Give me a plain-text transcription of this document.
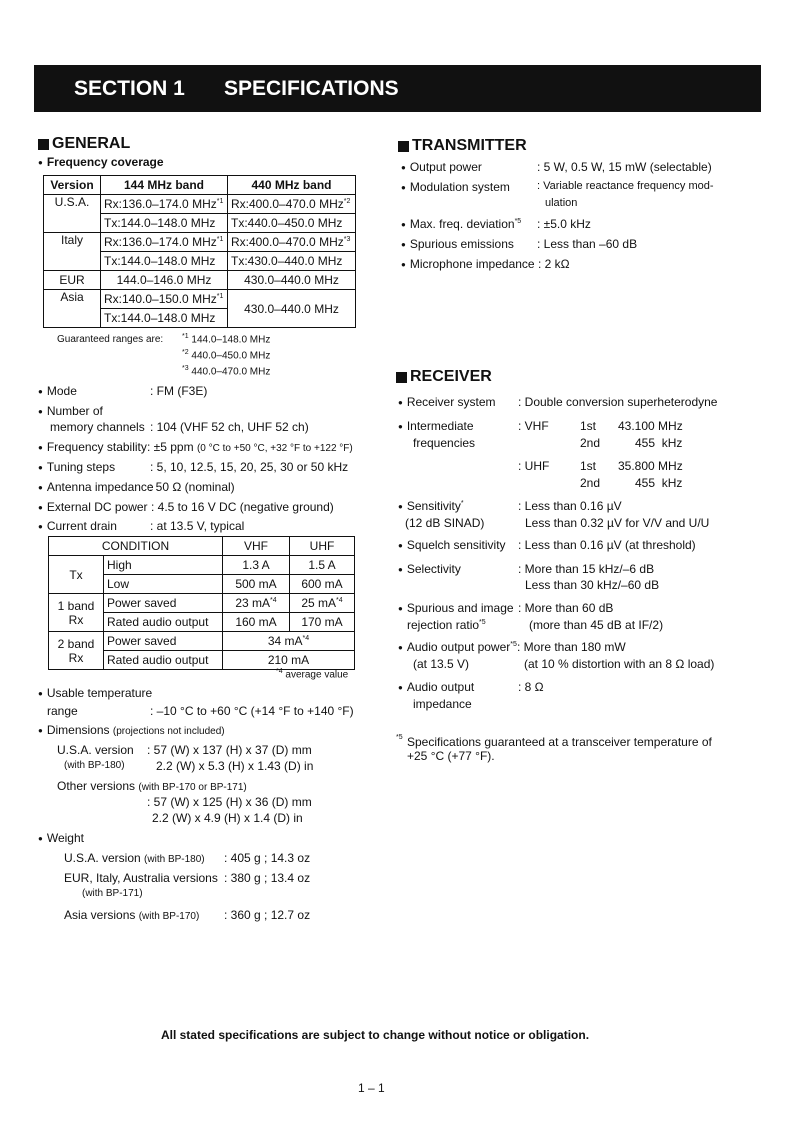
SECTION 1	SPECIFICATIONS
GENERAL
● Frequency coverage
Version	144 MHz band	440 MHz band
U.S.A.	Rx:136.0–174.0 MHz$^{*1}$	Rx:400.0–470.0 MHz$^{*2}$
	Tx:144.0–148.0 MHz	Tx:440.0–450.0 MHz
Italy	Rx:136.0–174.0 MHz$^{*1}$	Rx:400.0–470.0 MHz$^{*3}$
	Tx:144.0–148.0 MHz	Tx:430.0–440.0 MHz
EUR	144.0–146.0 MHz	430.0–440.0 MHz
Asia	Rx:140.0–150.0 MHz$^{*1}$	430.0–440.0 MHz
	Tx:144.0–148.0 MHz	
Guaranteed ranges are:	$^{*1}$ 144.0–148.0 MHz
$^{*2}$ 440.0–450.0 MHz
$^{*3}$ 440.0–470.0 MHz
● Mode	: FM (F3E)
● Number of
memory channels : 104 (VHF 52 ch, UHF 52 ch)
● Frequency stability : ±5 ppm (0 °C to +50 °C, +32 °F to +122 °F)
● Tuning steps	: 5, 10, 12.5, 15, 20, 25, 30 or 50 kHz
● Antenna impedance
: 50 Ω (nominal)
● External DC power : 4.5 to 16 V DC (negative ground)
● Current drain	: at 13.5 V, typical
CONDITION		VHF	UHF
Tx	High	1.3 A	1.5 A
	Low	500 mA	600 mA
1 band
Rx	Power saved	23 $mA^{*4}$	25 $mA^{*4}$
	Rated audio output	160 mA	170 mA
2 band
Rx	Power saved	34 $mA^{*4}$
	Rated audio output	210 mA	
$^{*4}$ average value
● Usable temperature
range	: –10 °C to +60 °C (+14 °F to +140 °F)
● Dimensions (projections not included)
U.S.A. version : 57 (W) x 137 (H) x 37 (D) mm
(with BP-180)	2.2 (W) x 5.3 (H) x 1.43 (D) in
Other versions (with BP-170 or BP-171)
: 57 (W) x 125 (H) x 36 (D) mm
2.2 (W) x 4.9 (H) x 1.4 (D) in
● Weight
U.S.A. version (with BP-180) : 405 g ; 14.3 oz
EUR, Italy, Australia versions : 380 g ; 13.4 oz
(with BP-171)
Asia versions (with BP-170) : 360 g ; 12.7 oz
TRANSMITTER
● Output power	: 5 W, 0.5 W, 15 mW (selectable)
● Modulation system : Variable reactance frequency mod-
ulation
● Max. freq. deviation$^{*5}$ : ±5.0 kHz
● Spurious emissions : Less than –60 dB
● Microphone impedance : 2 kΩ
RECEIVER
● Receiver system : Double conversion superheterodyne
● Intermediate
frequencies
: VHF	1st 43.100 MHz
2nd	455  kHz
: UHF	1st 35.800 MHz
2nd	455  kHz
● Sensitivity*
(12 dB SINAD)
: Less than 0.16 µV
Less than 0.32 µV for V/V and U/U
● Squelch sensitivity : Less than 0.16 µV (at threshold)
● Selectivity	: More than 15 kHz/–6 dB
Less than 30 kHz/–60 dB
● Spurious and image
rejection ratio$^{*5}$
: More than 60 dB
(more than 45 dB at IF/2)
● Audio output power$^{*5}$
(at 13.5 V)
: More than 180 mW
(at 10 % distortion with an 8 Ω load)
● Audio output
impedance
: 8 Ω
$^{*5}$ Specifications guaranteed at a transceiver temperature of
+25 °C (+77 °F).
All stated specifications are subject to change without notice or obligation.
1 – 1
